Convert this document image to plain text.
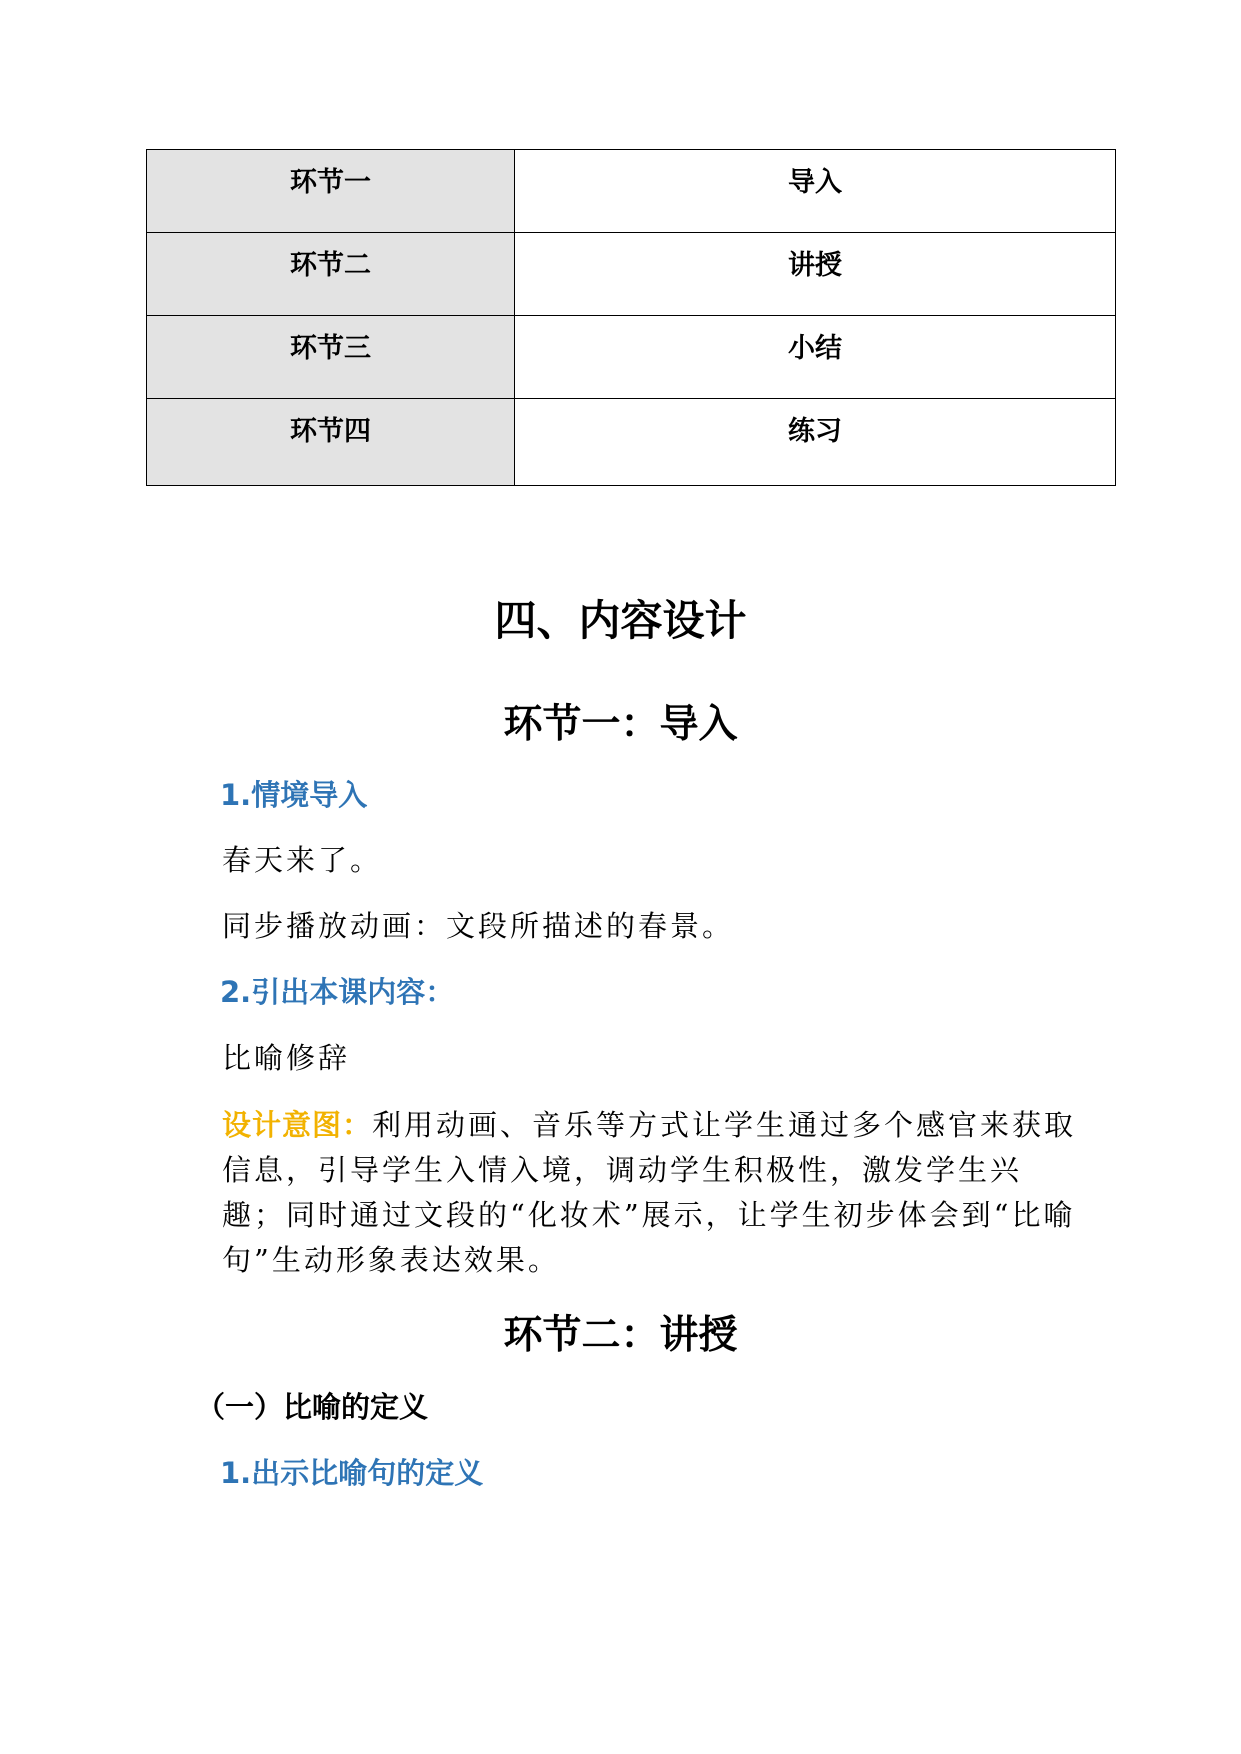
环节一	导入
环节二	讲授
环节三	小结
环节四	练习
四、内容设计
环节一：导入
1.情境导入
春天来了。
同步播放动画：文段所描述的春景。
2.引出本课内容：
比喻修辞
设计意图：利用动画、音乐等方式让学生通过多个感官来获取信息，引导学生入情入境，调动学生积极性，激发学生兴趣；同时通过文段的“化妆术”展示，让学生初步体会到“比喻句”生动形象表达效果。
环节二：讲授
（一）比喻的定义
1.出示比喻句的定义
